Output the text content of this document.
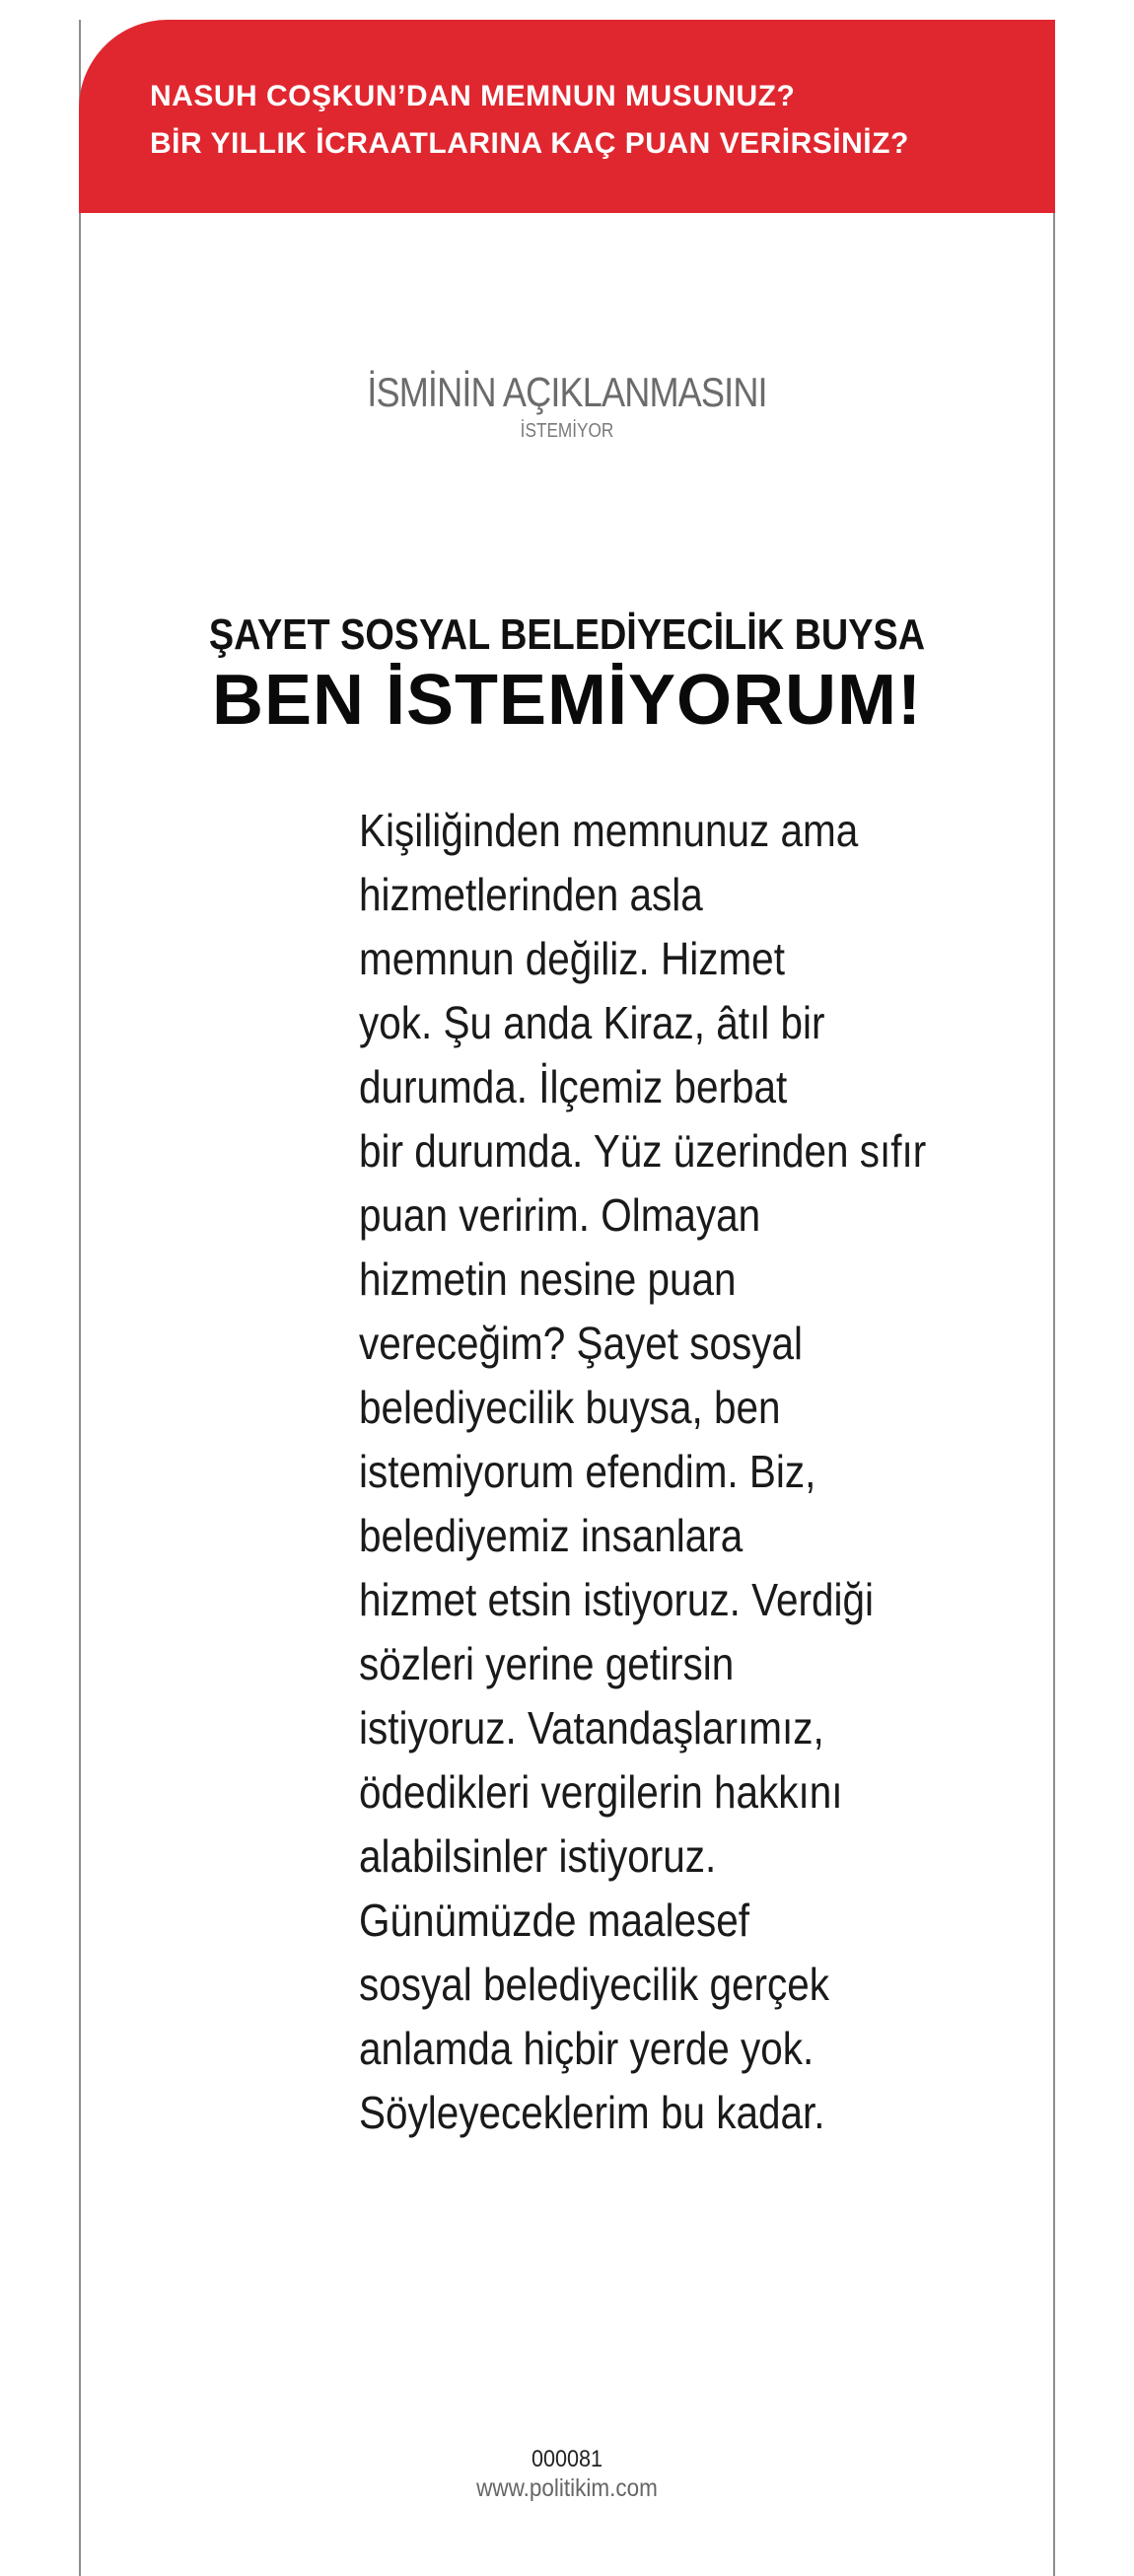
NASUH COŞKUN’DAN MEMNUN MUSUNUZ?
BİR YILLIK İCRAATLARINA KAÇ PUAN VERİRSİNİZ?
İSMİNİN AÇIKLANMASINI
İSTEMİYOR
ŞAYET SOSYAL BELEDİYECİLİK BUYSA
BEN İSTEMİYORUM!
Kişiliğinden memnunuz ama
hizmetlerinden asla
memnun değiliz. Hizmet
yok. Şu anda Kiraz, âtıl bir
durumda. İlçemiz berbat
bir durumda. Yüz üzerinden sıfır
puan veririm. Olmayan
hizmetin nesine puan
vereceğim? Şayet sosyal
belediyecilik buysa, ben
istemiyorum efendim. Biz,
belediyemiz insanlara
hizmet etsin istiyoruz. Verdiği
sözleri yerine getirsin
istiyoruz. Vatandaşlarımız,
ödedikleri vergilerin hakkını
alabilsinler istiyoruz.
Günümüzde maalesef
sosyal belediyecilik gerçek
anlamda hiçbir yerde yok.
Söyleyeceklerim bu kadar.
000081
www.politikim.com
